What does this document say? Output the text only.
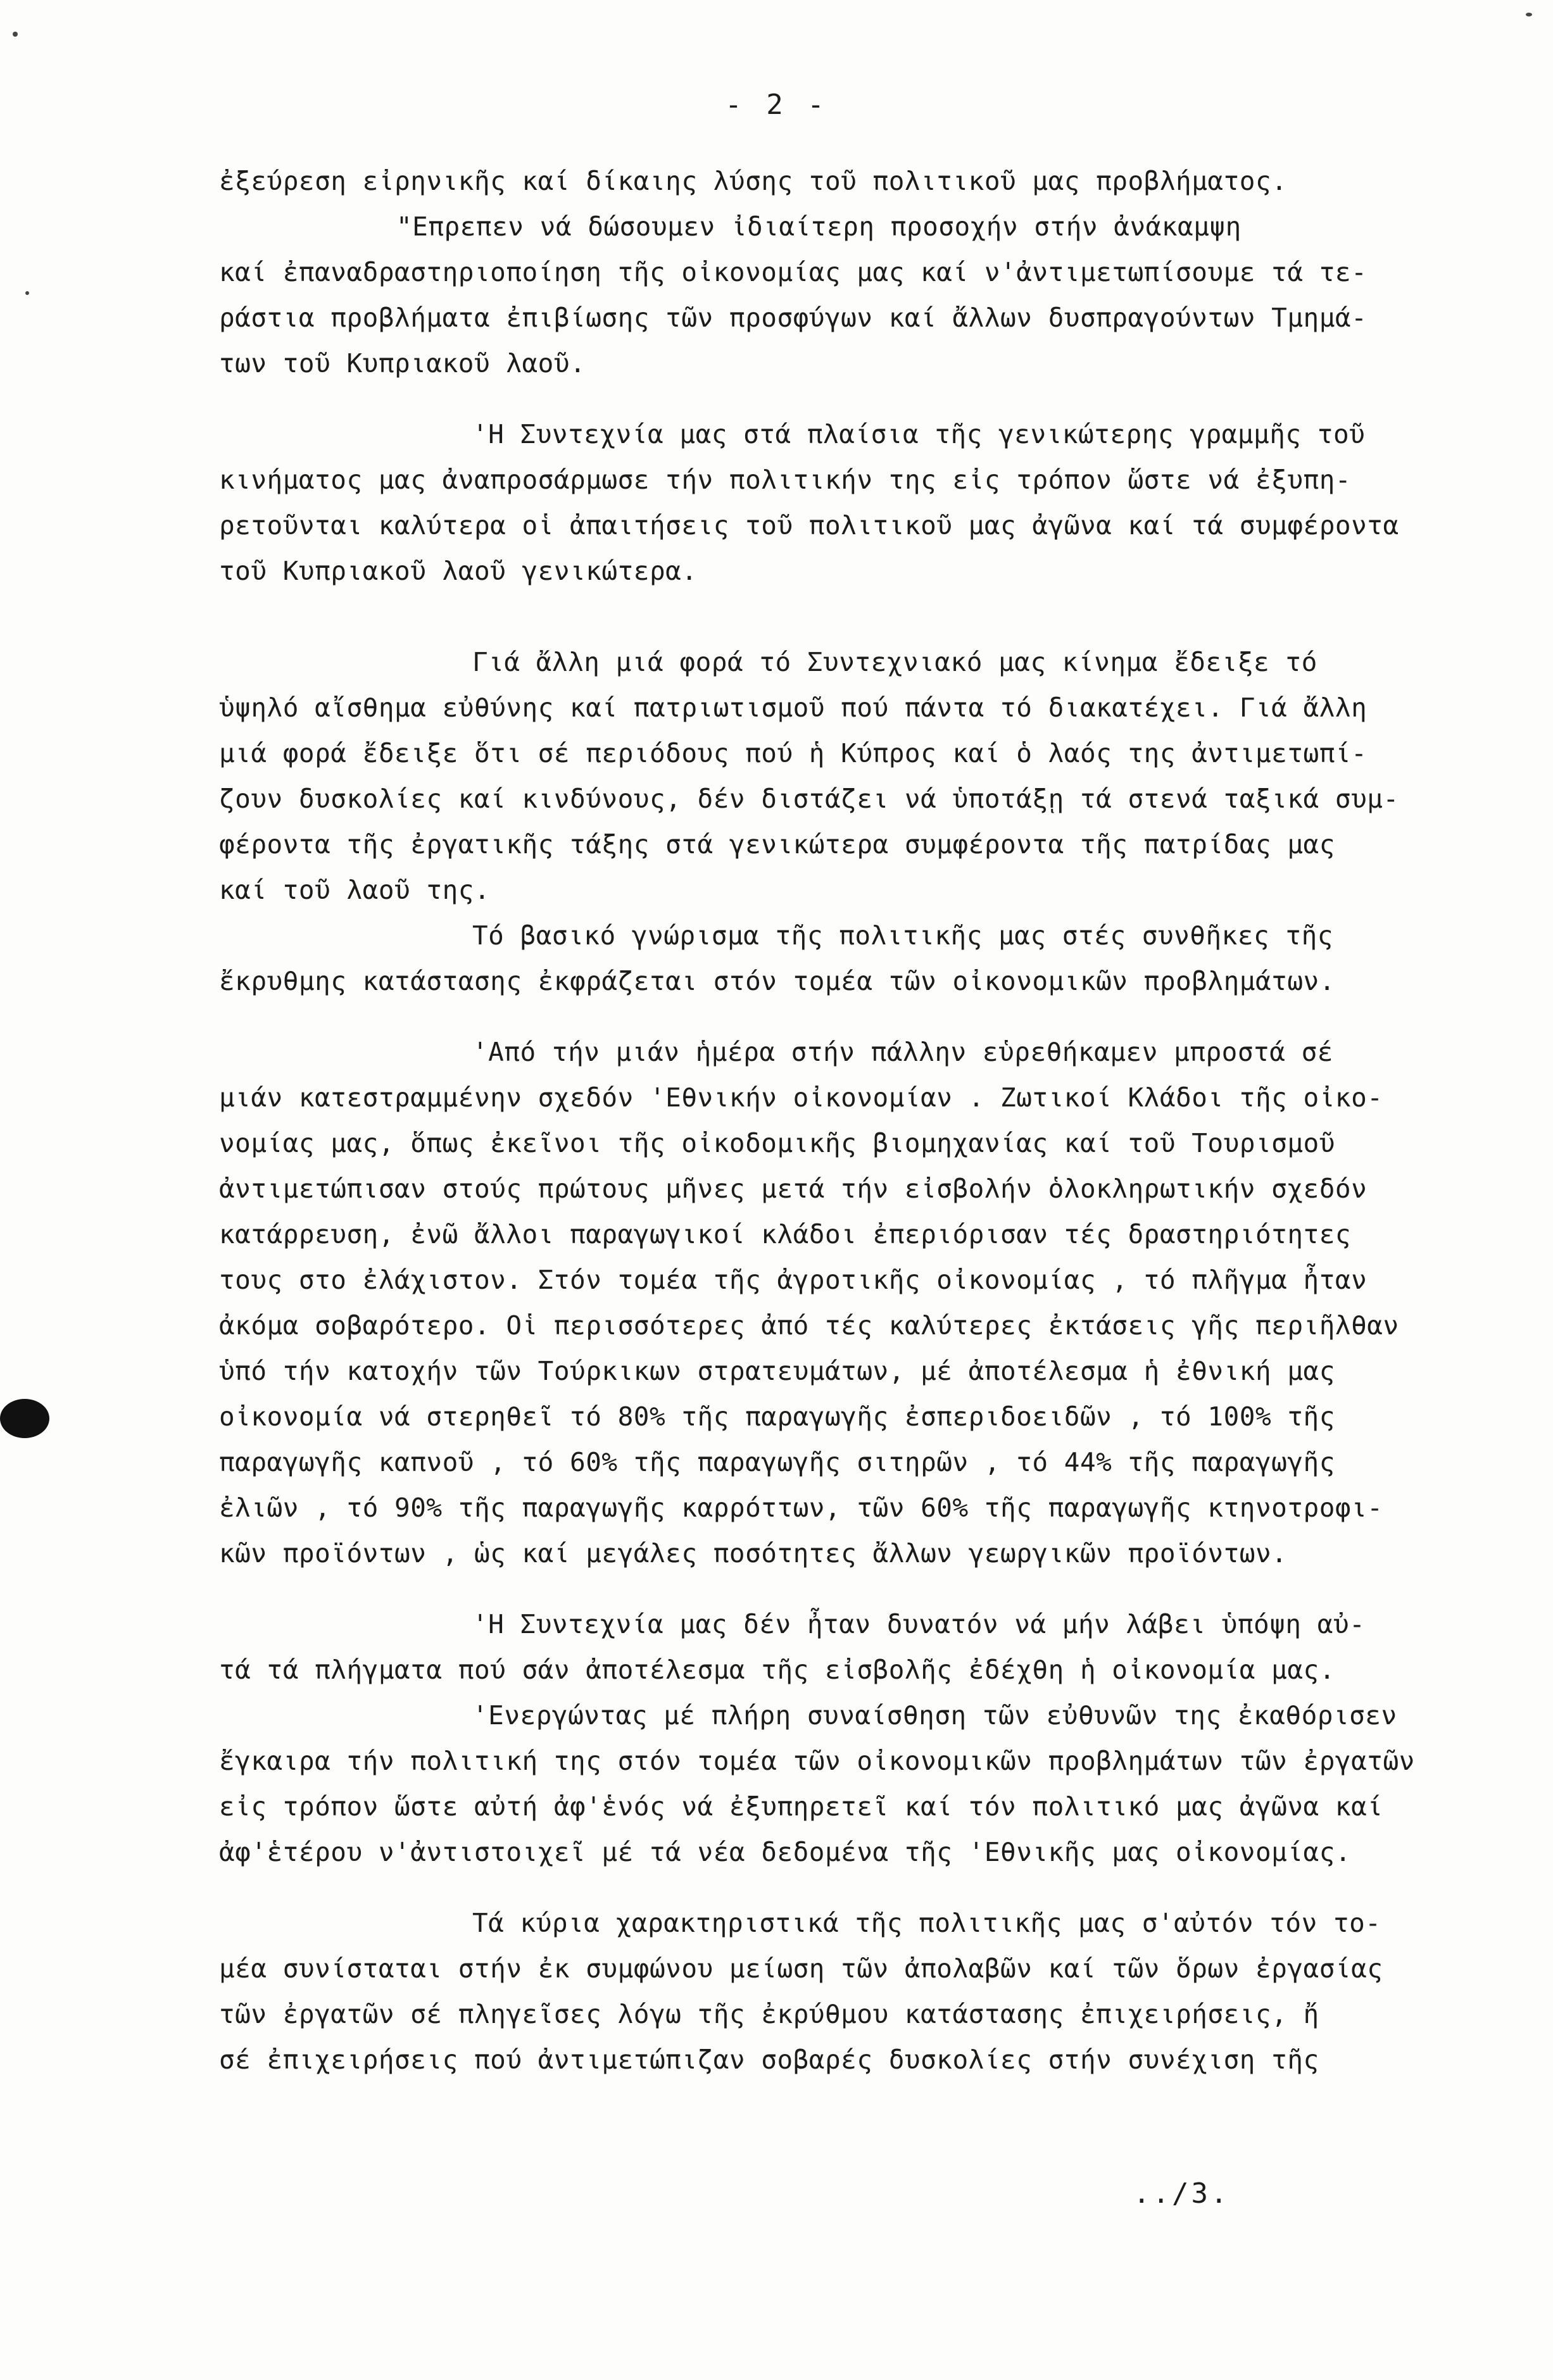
- 2 -
ἐξεύρεση εἰρηνικῆς καί δίκαιης λύσης τοῦ πολιτικοῦ μας προβλήματος.
"Επρεπεν νά δώσουμεν ἰδιαίτερη προσοχήν στήν ἀνάκαμψη
καί ἐπαναδραστηριοποίηση τῆς οἰκονομίας μας καί ν'ἀντιμετωπίσουμε τά τε-
ράστια προβλήματα ἐπιβίωσης τῶν προσφύγων καί ἄλλων δυσπραγούντων Τμημά-
των τοῦ Κυπριακοῦ λαοῦ.
'Η Συντεχνία μας στά πλαίσια τῆς γενικώτερης γραμμῆς τοῦ
κινήματος μας ἀναπροσάρμωσε τήν πολιτικήν της εἰς τρόπον ὥστε νά ἐξυπη-
ρετοῦνται καλύτερα οἱ ἀπαιτήσεις τοῦ πολιτικοῦ μας ἀγῶνα καί τά συμφέροντα
τοῦ Κυπριακοῦ λαοῦ γενικώτερα.
Γιά ἄλλη μιά φορά τό Συντεχνιακό μας κίνημα ἔδειξε τό
ὑψηλό αἴσθημα εὐθύνης καί πατριωτισμοῦ πού πάντα τό διακατέχει. Γιά ἄλλη
μιά φορά ἔδειξε ὅτι σέ περιόδους πού ἡ Κύπρος καί ὁ λαός της ἀντιμετωπί-
ζουν δυσκολίες καί κινδύνους, δέν διστάζει νά ὑποτάξῃ τά στενά ταξικά συμ-
φέροντα τῆς ἐργατικῆς τάξης στά γενικώτερα συμφέροντα τῆς πατρίδας μας
καί τοῦ λαοῦ της.
Τό βασικό γνώρισμα τῆς πολιτικῆς μας στές συνθῆκες τῆς
ἔκρυθμης κατάστασης ἐκφράζεται στόν τομέα τῶν οἰκονομικῶν προβλημάτων.
'Από τήν μιάν ἡμέρα στήν πάλλην εὑρεθήκαμεν μπροστά σέ
μιάν κατεστραμμένην σχεδόν 'Εθνικήν οἰκονομίαν . Ζωτικοί Κλάδοι τῆς οἰκο-
νομίας μας, ὅπως ἐκεῖνοι τῆς οἰκοδομικῆς βιομηχανίας καί τοῦ Τουρισμοῦ
ἀντιμετώπισαν στούς πρώτους μῆνες μετά τήν εἰσβολήν ὁλοκληρωτικήν σχεδόν
κατάρρευση, ἐνῶ ἄλλοι παραγωγικοί κλάδοι ἐπεριόρισαν τές δραστηριότητες
τους στο ἐλάχιστον. Στόν τομέα τῆς ἀγροτικῆς οἰκονομίας , τό πλῆγμα ἦταν
ἀκόμα σοβαρότερο. Οἱ περισσότερες ἀπό τές καλύτερες ἐκτάσεις γῆς περιῆλθαν
ὑπό τήν κατοχήν τῶν Τούρκικων στρατευμάτων, μέ ἀποτέλεσμα ἡ ἐθνική μας
οἰκονομία νά στερηθεῖ τό 80% τῆς παραγωγῆς ἐσπεριδοειδῶν , τό 100% τῆς
παραγωγῆς καπνοῦ , τό 60% τῆς παραγωγῆς σιτηρῶν , τό 44% τῆς παραγωγῆς
ἐλιῶν , τό 90% τῆς παραγωγῆς καρρόττων, τῶν 60% τῆς παραγωγῆς κτηνοτροφι-
κῶν προϊόντων , ὡς καί μεγάλες ποσότητες ἄλλων γεωργικῶν προϊόντων.
'Η Συντεχνία μας δέν ἦταν δυνατόν νά μήν λάβει ὑπόψη αὐ-
τά τά πλήγματα πού σάν ἀποτέλεσμα τῆς εἰσβολῆς ἐδέχθη ἡ οἰκονομία μας.
'Ενεργώντας μέ πλήρη συναίσθηση τῶν εὐθυνῶν της ἐκαθόρισεν
ἔγκαιρα τήν πολιτική της στόν τομέα τῶν οἰκονομικῶν προβλημάτων τῶν ἐργατῶν
εἰς τρόπον ὥστε αὐτή ἀφ'ἑνός νά ἐξυπηρετεῖ καί τόν πολιτικό μας ἀγῶνα καί
ἀφ'ἑτέρου ν'ἀντιστοιχεῖ μέ τά νέα δεδομένα τῆς 'Εθνικῆς μας οἰκονομίας.
Τά κύρια χαρακτηριστικά τῆς πολιτικῆς μας σ'αὐτόν τόν το-
μέα συνίσταται στήν ἐκ συμφώνου μείωση τῶν ἀπολαβῶν καί τῶν ὅρων ἐργασίας
τῶν ἐργατῶν σέ πληγεῖσες λόγω τῆς ἐκρύθμου κατάστασης ἐπιχειρήσεις, ἤ
σέ ἐπιχειρήσεις πού ἀντιμετώπιζαν σοβαρές δυσκολίες στήν συνέχιση τῆς
../3.
